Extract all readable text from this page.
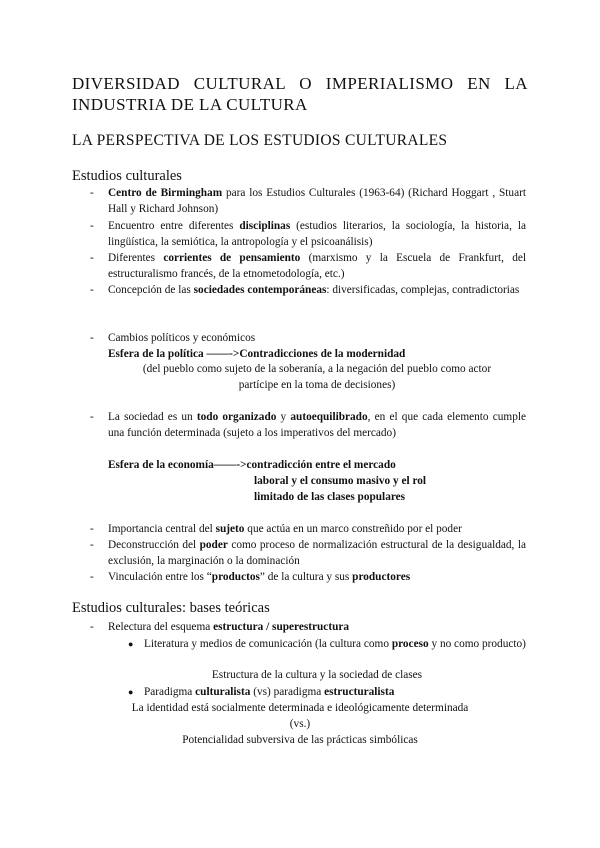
DIVERSIDAD CULTURAL O IMPERIALISMO EN LA
INDUSTRIA DE LA CULTURA
LA PERSPECTIVA DE LOS ESTUDIOS CULTURALES
Estudios culturales
- Centro de Birmingham para los Estudios Culturales (1963-64) (Richard Hoggart , Stuart Hall y Richard Johnson)
- Encuentro entre diferentes disciplinas (estudios literarios, la sociología, la historia, la lingüística, la semiótica, la antropología y el psicoanálisis)
- Diferentes corrientes de pensamiento (marxismo y la Escuela de Frankfurt, del estructuralismo francés, de la etnometodología, etc.)
- Concepción de las sociedades contemporáneas: diversificadas, complejas, contradictorias
- Cambios políticos y económicos
Esfera de la política ——->Contradicciones de la modernidad
(del pueblo como sujeto de la soberanía, a la negación del pueblo como actor
partícipe en la toma de decisiones)
- La sociedad es un todo organizado y autoequilibrado, en el que cada elemento cumple una función determinada (sujeto a los imperativos del mercado)
Esfera de la economía——->contradicción entre el mercado
laboral y el consumo masivo y el rol
limitado de las clases populares
- Importancia central del sujeto que actúa en un marco constreñido por el poder
- Deconstrucción del poder como proceso de normalización estructural de la desigualdad, la exclusión, la marginación o la dominación
- Vinculación entre los “productos” de la cultura y sus productores
Estudios culturales: bases teóricas
- Relectura del esquema estructura / superestructura
● Literatura y medios de comunicación (la cultura como proceso y no como producto)
Estructura de la cultura y la sociedad de clases
● Paradigma culturalista (vs) paradigma estructuralista
La identidad está socialmente determinada e ideológicamente determinada
(vs.)
Potencialidad subversiva de las prácticas simbólicas
